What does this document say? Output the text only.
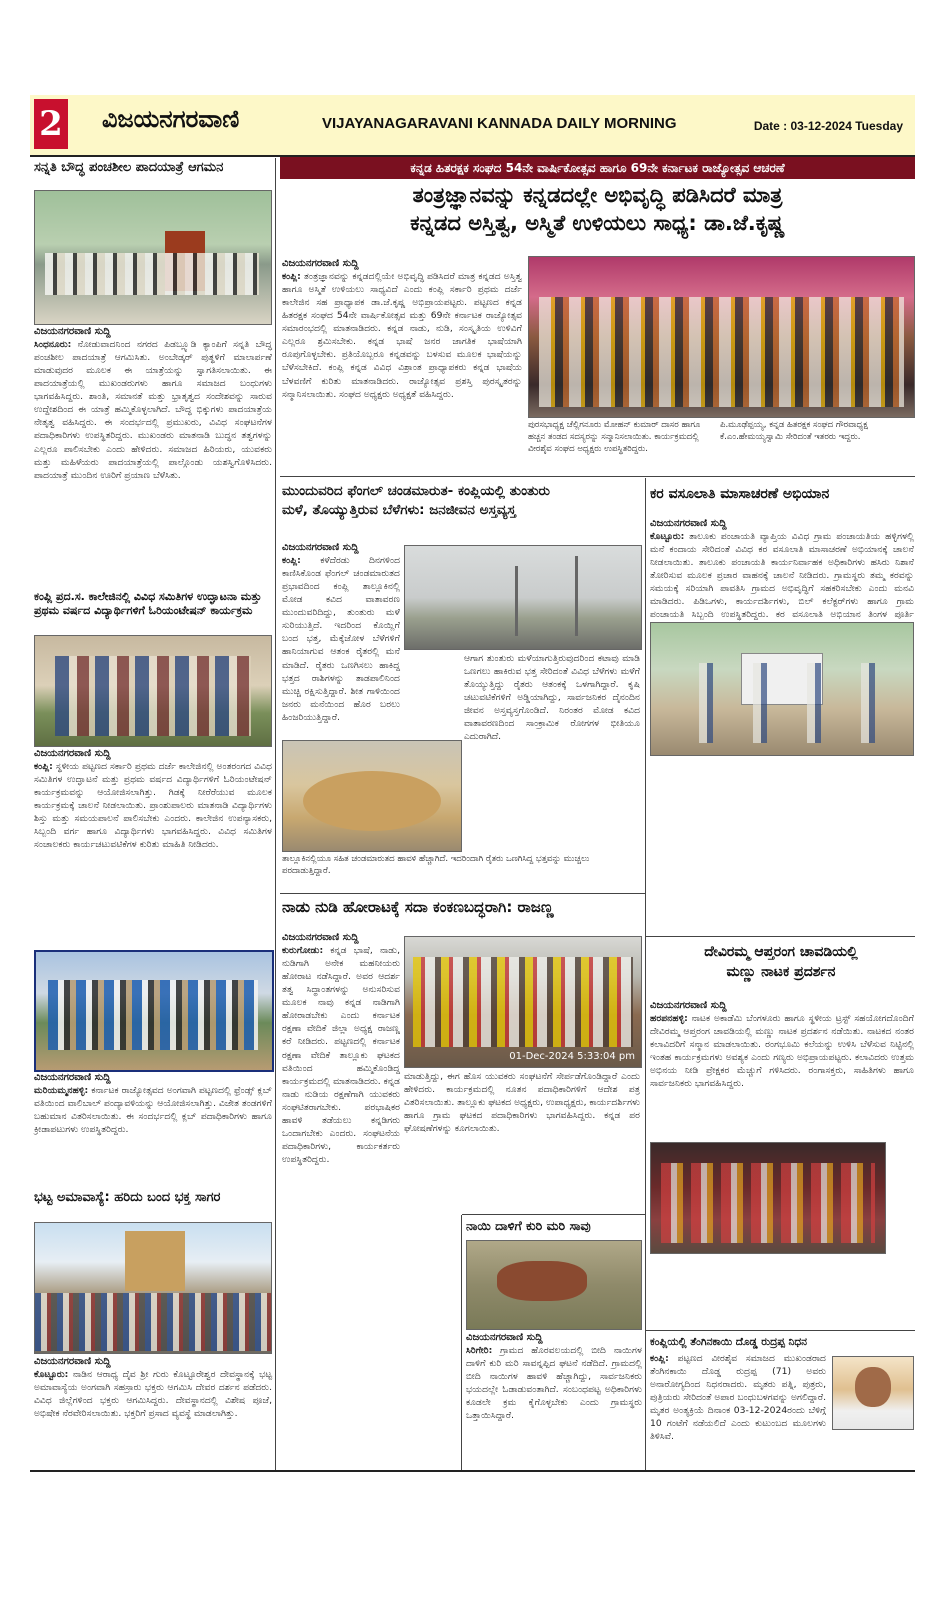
2 ವಿಜಯನಗರವಾಣಿ	VIJAYANAGARAVANI KANNADA DAILY MORNING	Date : 03-12-2024 Tuesday
ಸನ್ನತಿ ಬೌದ್ಧ ಪಂಚಶೀಲ ಪಾದಯಾತ್ರೆ ಆಗಮನ
ವಿಜಯನಗರವಾಣಿ ಸುದ್ದಿ
ಸಿಂಧನೂರು: ನೋಡುವಾದನಿಂದ ನಗರದ ಪಿಡಬ್ಲ್ಯೂಡಿ ಕ್ಯಾಂಪಿಗೆ ಸನ್ನತಿ ಬೌದ್ಧ ಪಂಚಶೀಲ ಪಾದಯಾತ್ರೆ ಆಗಮಿಸಿತು. ಅಂಬೇಡ್ಕರ್ ಪುತ್ಥಳಿಗೆ ಮಾಲಾರ್ಪಣೆ ಮಾಡುವುದರ ಮೂಲಕ ಈ ಯಾತ್ರೆಯನ್ನು ಸ್ವಾಗತಿಸಲಾಯಿತು. ಈ ಪಾದಯಾತ್ರೆಯಲ್ಲಿ ಮುಖಂಡರುಗಳು ಹಾಗೂ ಸಮಾಜದ ಬಂಧುಗಳು ಭಾಗವಹಿಸಿದ್ದರು. ಶಾಂತಿ, ಸಮಾನತೆ ಮತ್ತು ಭ್ರಾತೃತ್ವದ ಸಂದೇಶವನ್ನು ಸಾರುವ ಉದ್ದೇಶದಿಂದ ಈ ಯಾತ್ರೆ ಹಮ್ಮಿಕೊಳ್ಳಲಾಗಿದೆ. ಬೌದ್ಧ ಭಿಕ್ಕುಗಳು ಪಾದಯಾತ್ರೆಯ ನೇತೃತ್ವ ವಹಿಸಿದ್ದರು. ಈ ಸಂದರ್ಭದಲ್ಲಿ ಪ್ರಮುಖರು, ವಿವಿಧ ಸಂಘಟನೆಗಳ ಪದಾಧಿಕಾರಿಗಳು ಉಪಸ್ಥಿತರಿದ್ದರು. ಮುಖಂಡರು ಮಾತನಾಡಿ ಬುದ್ಧನ ತತ್ವಗಳನ್ನು ಎಲ್ಲರೂ ಪಾಲಿಸಬೇಕು ಎಂದು ಹೇಳಿದರು. ಸಮಾಜದ ಹಿರಿಯರು, ಯುವಕರು ಮತ್ತು ಮಹಿಳೆಯರು ಪಾದಯಾತ್ರೆಯಲ್ಲಿ ಪಾಲ್ಗೊಂಡು ಯಶಸ್ವಿಗೊಳಿಸಿದರು. ಪಾದಯಾತ್ರೆ ಮುಂದಿನ ಊರಿಗೆ ಪ್ರಯಾಣ ಬೆಳೆಸಿತು.
ಕಂಪ್ಲಿ ಪ್ರದ.ಸ. ಕಾಲೇಜಿನಲ್ಲಿ ವಿವಿಧ ಸಮಿತಿಗಳ ಉದ್ಘಾಟನಾ ಮತ್ತು ಪ್ರಥಮ ವರ್ಷದ ವಿದ್ಯಾರ್ಥಿಗಳಿಗೆ ಓರಿಯಂಟೇಷನ್ ಕಾರ್ಯಕ್ರಮ
ವಿಜಯನಗರವಾಣಿ ಸುದ್ದಿ
ಕಂಪ್ಲಿ: ಸ್ಥಳೀಯ ಪಟ್ಟಣದ ಸರ್ಕಾರಿ ಪ್ರಥಮ ದರ್ಜೆ ಕಾಲೇಜಿನಲ್ಲಿ ಅಂತರಂಗದ ವಿವಿಧ ಸಮಿತಿಗಳ ಉದ್ಘಾಟನೆ ಮತ್ತು ಪ್ರಥಮ ವರ್ಷದ ವಿದ್ಯಾರ್ಥಿಗಳಿಗೆ ಓರಿಯಂಟೇಷನ್ ಕಾರ್ಯಕ್ರಮವನ್ನು ಆಯೋಜಿಸಲಾಗಿತ್ತು. ಗಿಡಕ್ಕೆ ನೀರೆರೆಯುವ ಮೂಲಕ ಕಾರ್ಯಕ್ರಮಕ್ಕೆ ಚಾಲನೆ ನೀಡಲಾಯಿತು. ಪ್ರಾಂಶುಪಾಲರು ಮಾತನಾಡಿ ವಿದ್ಯಾರ್ಥಿಗಳು ಶಿಸ್ತು ಮತ್ತು ಸಮಯಪಾಲನೆ ಪಾಲಿಸಬೇಕು ಎಂದರು. ಕಾಲೇಜಿನ ಉಪನ್ಯಾಸಕರು, ಸಿಬ್ಬಂದಿ ವರ್ಗ ಹಾಗೂ ವಿದ್ಯಾರ್ಥಿಗಳು ಭಾಗವಹಿಸಿದ್ದರು. ವಿವಿಧ ಸಮಿತಿಗಳ ಸಂಚಾಲಕರು ಕಾರ್ಯಚಟುವಟಿಕೆಗಳ ಕುರಿತು ಮಾಹಿತಿ ನೀಡಿದರು.
ವಿಜಯನಗರವಾಣಿ ಸುದ್ದಿ
ಮರಿಯಮ್ಮನಹಳ್ಳಿ: ಕರ್ನಾಟಕ ರಾಜ್ಯೋತ್ಸವದ ಅಂಗವಾಗಿ ಪಟ್ಟಣದಲ್ಲಿ ಫ್ರೆಂಡ್ಸ್ ಕ್ಲಬ್ ವತಿಯಿಂದ ವಾಲಿಬಾಲ್ ಪಂದ್ಯಾವಳಿಯನ್ನು ಆಯೋಜಿಸಲಾಗಿತ್ತು. ವಿಜೇತ ತಂಡಗಳಿಗೆ ಬಹುಮಾನ ವಿತರಿಸಲಾಯಿತು. ಈ ಸಂದರ್ಭದಲ್ಲಿ ಕ್ಲಬ್ ಪದಾಧಿಕಾರಿಗಳು ಹಾಗೂ ಕ್ರೀಡಾಪಟುಗಳು ಉಪಸ್ಥಿತರಿದ್ದರು.
ಭಟ್ಟ ಅಮಾವಾಸ್ಯೆ: ಹರಿದು ಬಂದ ಭಕ್ತ ಸಾಗರ
ವಿಜಯನಗರವಾಣಿ ಸುದ್ದಿ
ಕೊಟ್ಟೂರು: ನಾಡಿನ ಆರಾಧ್ಯ ದೈವ ಶ್ರೀ ಗುರು ಕೊಟ್ಟೂರೇಶ್ವರ ದೇವಸ್ಥಾನಕ್ಕೆ ಭಟ್ಟ ಅಮಾವಾಸ್ಯೆಯ ಅಂಗವಾಗಿ ಸಹಸ್ರಾರು ಭಕ್ತರು ಆಗಮಿಸಿ ದೇವರ ದರ್ಶನ ಪಡೆದರು. ವಿವಿಧ ಜಿಲ್ಲೆಗಳಿಂದ ಭಕ್ತರು ಆಗಮಿಸಿದ್ದರು. ದೇವಸ್ಥಾನದಲ್ಲಿ ವಿಶೇಷ ಪೂಜೆ, ಅಭಿಷೇಕ ನೆರವೇರಿಸಲಾಯಿತು. ಭಕ್ತರಿಗೆ ಪ್ರಸಾದ ವ್ಯವಸ್ಥೆ ಮಾಡಲಾಗಿತ್ತು.
ಕನ್ನಡ ಹಿತರಕ್ಷಕ ಸಂಘದ 54ನೇ ವಾರ್ಷಿಕೋತ್ಸವ ಹಾಗೂ 69ನೇ ಕರ್ನಾಟಕ ರಾಜ್ಯೋತ್ಸವ ಆಚರಣೆ
ತಂತ್ರಜ್ಞಾನವನ್ನು ಕನ್ನಡದಲ್ಲೇ ಅಭಿವೃದ್ಧಿ ಪಡಿಸಿದರೆ ಮಾತ್ರ
ಕನ್ನಡದ ಅಸ್ತಿತ್ವ, ಅಸ್ಮಿತೆ ಉಳಿಯಲು ಸಾಧ್ಯ: ಡಾ.ಜೆ.ಕೃಷ್ಣ
ವಿಜಯನಗರವಾಣಿ ಸುದ್ದಿ
ಕಂಪ್ಲಿ: ತಂತ್ರಜ್ಞಾನವನ್ನು ಕನ್ನಡದಲ್ಲಿಯೇ ಅಭಿವೃದ್ಧಿ ಪಡಿಸಿದರೆ ಮಾತ್ರ ಕನ್ನಡದ ಅಸ್ತಿತ್ವ ಹಾಗೂ ಅಸ್ಮಿತೆ ಉಳಿಯಲು ಸಾಧ್ಯವಿದೆ ಎಂದು ಕಂಪ್ಲಿ ಸರ್ಕಾರಿ ಪ್ರಥಮ ದರ್ಜೆ ಕಾಲೇಜಿನ ಸಹ ಪ್ರಾಧ್ಯಾಪಕ ಡಾ.ಜೆ.ಕೃಷ್ಣ ಅಭಿಪ್ರಾಯಪಟ್ಟರು. ಪಟ್ಟಣದ ಕನ್ನಡ ಹಿತರಕ್ಷಕ ಸಂಘದ 54ನೇ ವಾರ್ಷಿಕೋತ್ಸವ ಮತ್ತು 69ನೇ ಕರ್ನಾಟಕ ರಾಜ್ಯೋತ್ಸವ ಸಮಾರಂಭದಲ್ಲಿ ಮಾತನಾಡಿದರು. ಕನ್ನಡ ನಾಡು, ನುಡಿ, ಸಂಸ್ಕೃತಿಯ ಉಳಿವಿಗೆ ಎಲ್ಲರೂ ಶ್ರಮಿಸಬೇಕು. ಕನ್ನಡ ಭಾಷೆ ಜನರ ಜಾಗತಿಕ ಭಾಷೆಯಾಗಿ ರೂಪುಗೊಳ್ಳಬೇಕು. ಪ್ರತಿಯೊಬ್ಬರೂ ಕನ್ನಡವನ್ನು ಬಳಸುವ ಮೂಲಕ ಭಾಷೆಯನ್ನು ಬೆಳೆಸಬೇಕಿದೆ. ಕಂಪ್ಲಿ ಕನ್ನಡ ವಿವಿಧ ವಿಶ್ರಾಂತ ಪ್ರಾಧ್ಯಾಪಕರು ಕನ್ನಡ ಭಾಷೆಯ ಬೆಳವಣಿಗೆ ಕುರಿತು ಮಾತನಾಡಿದರು. ರಾಜ್ಯೋತ್ಸವ ಪ್ರಶಸ್ತಿ ಪುರಸ್ಕೃತರನ್ನು ಸನ್ಮಾನಿಸಲಾಯಿತು. ಸಂಘದ ಅಧ್ಯಕ್ಷರು ಅಧ್ಯಕ್ಷತೆ ವಹಿಸಿದ್ದರು.
ಪುರಸಭಾಧ್ಯಕ್ಷ ಚೆಲ್ಲಿಗನೂರು ಮೋಹನ್ ಕುಮಾರ್ ದಾಸರ ಹಾಗೂ ಹಚ್ಚನ ತಂಡದ ಸದಸ್ಯರನ್ನು ಸನ್ಮಾನಿಸಲಾಯಿತು. ಕಾರ್ಯಕ್ರಮದಲ್ಲಿ ವೀರಶೈವ ಸಂಘದ ಅಧ್ಯಕ್ಷರು ಉಪಸ್ಥಿತರಿದ್ದರು.
ಪಿ.ಮೂಢೆಪ್ಪಯ್ಯ, ಕನ್ನಡ ಹಿತರಕ್ಷಕ ಸಂಘದ ಗೌರವಾಧ್ಯಕ್ಷ ಕೆ.ಎಂ.ಹೇಮಯ್ಯಸ್ವಾಮಿ ಸೇರಿದಂತೆ ಇತರರು ಇದ್ದರು.
ಮುಂದುವರಿದ ಫೆಂಗಲ್ ಚಂಡಮಾರುತ- ಕಂಪ್ಲಿಯಲ್ಲಿ ತುಂತುರು
ಮಳೆ, ತೊಯ್ಯುತ್ತಿರುವ ಬೆಳೆಗಳು: ಜನಜೀವನ ಅಸ್ತವ್ಯಸ್ತ
ವಿಜಯನಗರವಾಣಿ ಸುದ್ದಿ
ಕಂಪ್ಲಿ: ಕಳೆದೆರಡು ದಿನಗಳಿಂದ ಕಾಣಿಸಿಕೊಂಡ ಫೆಂಗಲ್ ಚಂಡಮಾರುತದ ಪ್ರಭಾವದಿಂದ ಕಂಪ್ಲಿ ತಾಲ್ಲೂಕಿನಲ್ಲಿ ಮೋಡ ಕವಿದ ವಾತಾವರಣ ಮುಂದುವರಿದಿದ್ದು, ತುಂತುರು ಮಳೆ ಸುರಿಯುತ್ತಿದೆ. ಇದರಿಂದ ಕೊಯ್ಲಿಗೆ ಬಂದ ಭತ್ತ, ಮೆಕ್ಕೆಜೋಳ ಬೆಳೆಗಳಿಗೆ ಹಾನಿಯಾಗುವ ಆತಂಕ ರೈತರಲ್ಲಿ ಮನೆ ಮಾಡಿದೆ. ರೈತರು ಒಣಗಿಸಲು ಹಾಕಿದ್ದ ಭತ್ತದ ರಾಶಿಗಳನ್ನು ತಾಡಪಾಲಿನಿಂದ ಮುಚ್ಚಿ ರಕ್ಷಿಸುತ್ತಿದ್ದಾರೆ. ಶೀತ ಗಾಳಿಯಿಂದ ಜನರು ಮನೆಯಿಂದ ಹೊರ ಬರಲು ಹಿಂಜರಿಯುತ್ತಿದ್ದಾರೆ.
ಆಗಾಗ ತುಂತುರು ಮಳೆಯಾಗುತ್ತಿರುವುದರಿಂದ ಕಟಾವು ಮಾಡಿ ಒಣಗಲು ಹಾಕಿರುವ ಭತ್ತ ಸೇರಿದಂತೆ ವಿವಿಧ ಬೆಳೆಗಳು ಮಳೆಗೆ ತೊಯ್ಯುತ್ತಿದ್ದು ರೈತರು ಆತಂಕಕ್ಕೆ ಒಳಗಾಗಿದ್ದಾರೆ. ಕೃಷಿ ಚಟುವಟಿಕೆಗಳಿಗೆ ಅಡ್ಡಿಯಾಗಿದ್ದು, ಸಾರ್ವಜನಿಕರ ದೈನಂದಿನ ಜೀವನ ಅಸ್ತವ್ಯಸ್ತಗೊಂಡಿದೆ. ನಿರಂತರ ಮೋಡ ಕವಿದ ವಾತಾವರಣದಿಂದ ಸಾಂಕ್ರಾಮಿಕ ರೋಗಗಳ ಭೀತಿಯೂ ಎದುರಾಗಿದೆ.
ತಾಲ್ಲೂಕಿನಲ್ಲಿಯೂ ಸಹಿತ ಚಂಡಮಾರುತದ ಹಾವಳಿ ಹೆಚ್ಚಾಗಿದೆ. ಇದರಿಂದಾಗಿ ರೈತರು ಒಣಗಿಸಿದ್ದ ಭತ್ತವನ್ನು ಮುಚ್ಚಲು ಪರದಾಡುತ್ತಿದ್ದಾರೆ.
ಕರ ವಸೂಲಾತಿ ಮಾಸಾಚರಣೆ ಅಭಿಯಾನ
ವಿಜಯನಗರವಾಣಿ ಸುದ್ದಿ
ಕೊಟ್ಟೂರು: ತಾಲೂಕು ಪಂಚಾಯತಿ ವ್ಯಾಪ್ತಿಯ ವಿವಿಧ ಗ್ರಾಮ ಪಂಚಾಯತಿಯ ಹಳ್ಳಿಗಳಲ್ಲಿ ಮನೆ ಕಂದಾಯ ಸೇರಿದಂತೆ ವಿವಿಧ ಕರ ವಸೂಲಾತಿ ಮಾಸಾಚರಣೆ ಅಭಿಯಾನಕ್ಕೆ ಚಾಲನೆ ನೀಡಲಾಯಿತು. ತಾಲೂಕು ಪಂಚಾಯತಿ ಕಾರ್ಯನಿರ್ವಾಹಕ ಅಧಿಕಾರಿಗಳು ಹಸಿರು ನಿಶಾನೆ ತೋರಿಸುವ ಮೂಲಕ ಪ್ರಚಾರ ವಾಹನಕ್ಕೆ ಚಾಲನೆ ನೀಡಿದರು. ಗ್ರಾಮಸ್ಥರು ತಮ್ಮ ಕರವನ್ನು ಸಮಯಕ್ಕೆ ಸರಿಯಾಗಿ ಪಾವತಿಸಿ ಗ್ರಾಮದ ಅಭಿವೃದ್ಧಿಗೆ ಸಹಕರಿಸಬೇಕು ಎಂದು ಮನವಿ ಮಾಡಿದರು. ಪಿಡಿಒಗಳು, ಕಾರ್ಯದರ್ಶಿಗಳು, ಬಿಲ್ ಕಲೆಕ್ಟರ್‌ಗಳು ಹಾಗೂ ಗ್ರಾಮ ಪಂಚಾಯತಿ ಸಿಬ್ಬಂದಿ ಉಪಸ್ಥಿತರಿದ್ದರು. ಕರ ವಸೂಲಾತಿ ಅಭಿಯಾನ ತಿಂಗಳ ಪೂರ್ತಿ
ನಾಡು ನುಡಿ ಹೋರಾಟಕ್ಕೆ ಸದಾ ಕಂಕಣಬದ್ಧರಾಗಿ: ರಾಜಣ್ಣ
ವಿಜಯನಗರವಾಣಿ ಸುದ್ದಿ
ಕುರುಗೋಡು: ಕನ್ನಡ ಭಾಷೆ, ನಾಡು, ನುಡಿಗಾಗಿ ಅನೇಕ ಮಹನೀಯರು ಹೋರಾಟ ನಡೆಸಿದ್ದಾರೆ. ಅವರ ಆದರ್ಶ ತತ್ವ ಸಿದ್ಧಾಂತಗಳನ್ನು ಅನುಸರಿಸುವ ಮೂಲಕ ನಾವು ಕನ್ನಡ ನಾಡಿಗಾಗಿ ಹೋರಾಡಬೇಕು ಎಂದು ಕರ್ನಾಟಕ ರಕ್ಷಣಾ ವೇದಿಕೆ ಜಿಲ್ಲಾ ಅಧ್ಯಕ್ಷ ರಾಜಣ್ಣ ಕರೆ ನೀಡಿದರು. ಪಟ್ಟಣದಲ್ಲಿ ಕರ್ನಾಟಕ ರಕ್ಷಣಾ ವೇದಿಕೆ ತಾಲ್ಲೂಕು ಘಟಕದ ವತಿಯಿಂದ ಹಮ್ಮಿಕೊಂಡಿದ್ದ ಕಾರ್ಯಕ್ರಮದಲ್ಲಿ ಮಾತನಾಡಿದರು. ಕನ್ನಡ ನಾಡು ನುಡಿಯ ರಕ್ಷಣೆಗಾಗಿ ಯುವಕರು ಸಂಘಟಿತರಾಗಬೇಕು. ಪರಭಾಷಿಕರ ಹಾವಳಿ ತಡೆಯಲು ಕನ್ನಡಿಗರು ಒಂದಾಗಬೇಕು ಎಂದರು. ಸಂಘಟನೆಯ ಪದಾಧಿಕಾರಿಗಳು, ಕಾರ್ಯಕರ್ತರು ಉಪಸ್ಥಿತರಿದ್ದರು.
01-Dec-2024 5:33:04 pm
ಮಾಡುತ್ತಿದ್ದು, ಈಗ ಹೊಸ ಯುವಕರು ಸಂಘಟನೆಗೆ ಸೇರ್ಪಡೆಗೊಂಡಿದ್ದಾರೆ ಎಂದು ಹೇಳಿದರು. ಕಾರ್ಯಕ್ರಮದಲ್ಲಿ ನೂತನ ಪದಾಧಿಕಾರಿಗಳಿಗೆ ಆದೇಶ ಪತ್ರ ವಿತರಿಸಲಾಯಿತು. ತಾಲ್ಲೂಕು ಘಟಕದ ಅಧ್ಯಕ್ಷರು, ಉಪಾಧ್ಯಕ್ಷರು, ಕಾರ್ಯದರ್ಶಿಗಳು ಹಾಗೂ ಗ್ರಾಮ ಘಟಕದ ಪದಾಧಿಕಾರಿಗಳು ಭಾಗವಹಿಸಿದ್ದರು. ಕನ್ನಡ ಪರ ಘೋಷಣೆಗಳನ್ನು ಕೂಗಲಾಯಿತು.
ನಾಯಿ ದಾಳಿಗೆ ಕುರಿ ಮರಿ ಸಾವು
ವಿಜಯನಗರವಾಣಿ ಸುದ್ದಿ
ಸಿರಿಗೇರಿ: ಗ್ರಾಮದ ಹೊರವಲಯದಲ್ಲಿ ಬೀದಿ ನಾಯಿಗಳ ದಾಳಿಗೆ ಕುರಿ ಮರಿ ಸಾವನ್ನಪ್ಪಿದ ಘಟನೆ ನಡೆದಿದೆ. ಗ್ರಾಮದಲ್ಲಿ ಬೀದಿ ನಾಯಿಗಳ ಹಾವಳಿ ಹೆಚ್ಚಾಗಿದ್ದು, ಸಾರ್ವಜನಿಕರು ಭಯದಲ್ಲೇ ಓಡಾಡುವಂತಾಗಿದೆ. ಸಂಬಂಧಪಟ್ಟ ಅಧಿಕಾರಿಗಳು ಕೂಡಲೇ ಕ್ರಮ ಕೈಗೊಳ್ಳಬೇಕು ಎಂದು ಗ್ರಾಮಸ್ಥರು ಒತ್ತಾಯಿಸಿದ್ದಾರೆ.
ದೇವಿರಮ್ಮ ಆಪ್ತರಂಗ ಚಾವಡಿಯಲ್ಲಿ
ಮಣ್ಣು ನಾಟಕ ಪ್ರದರ್ಶನ
ವಿಜಯನಗರವಾಣಿ ಸುದ್ದಿ
ಹರಪನಹಳ್ಳಿ: ನಾಟಕ ಅಕಾಡೆಮಿ ಬೆಂಗಳೂರು ಹಾಗೂ ಸ್ಥಳೀಯ ಟ್ರಸ್ಟ್ ಸಹಯೋಗದೊಂದಿಗೆ ದೇವಿರಮ್ಮ ಆಪ್ತರಂಗ ಚಾವಡಿಯಲ್ಲಿ ಮಣ್ಣು ನಾಟಕ ಪ್ರದರ್ಶನ ನಡೆಯಿತು. ನಾಟಕದ ನಂತರ ಕಲಾವಿದರಿಗೆ ಸನ್ಮಾನ ಮಾಡಲಾಯಿತು. ರಂಗಭೂಮಿ ಕಲೆಯನ್ನು ಉಳಿಸಿ ಬೆಳೆಸುವ ನಿಟ್ಟಿನಲ್ಲಿ ಇಂತಹ ಕಾರ್ಯಕ್ರಮಗಳು ಅವಶ್ಯಕ ಎಂದು ಗಣ್ಯರು ಅಭಿಪ್ರಾಯಪಟ್ಟರು. ಕಲಾವಿದರು ಉತ್ತಮ ಅಭಿನಯ ನೀಡಿ ಪ್ರೇಕ್ಷಕರ ಮೆಚ್ಚುಗೆ ಗಳಿಸಿದರು. ರಂಗಾಸಕ್ತರು, ಸಾಹಿತಿಗಳು ಹಾಗೂ ಸಾರ್ವಜನಿಕರು ಭಾಗವಹಿಸಿದ್ದರು.
ಕಂಪ್ಲಿಯಲ್ಲಿ ತೆಂಗಿನಕಾಯಿ ದೊಡ್ಡ ರುದ್ರಪ್ಪ ನಿಧನ
ಕಂಪ್ಲಿ: ಪಟ್ಟಣದ ವೀರಶೈವ ಸಮಾಜದ ಮುಖಂಡರಾದ ತೆಂಗಿನಕಾಯಿ ದೊಡ್ಡ ರುದ್ರಪ್ಪ (71) ಅವರು ಅನಾರೋಗ್ಯದಿಂದ ನಿಧನರಾದರು. ಮೃತರು ಪತ್ನಿ, ಪುತ್ರರು, ಪುತ್ರಿಯರು ಸೇರಿದಂತೆ ಅಪಾರ ಬಂಧುಬಳಗವನ್ನು ಅಗಲಿದ್ದಾರೆ. ಮೃತರ ಅಂತ್ಯಕ್ರಿಯೆ ದಿನಾಂಕ 03-12-2024ರಂದು ಬೆಳಿಗ್ಗೆ 10 ಗಂಟೆಗೆ ನಡೆಯಲಿದೆ ಎಂದು ಕುಟುಂಬದ ಮೂಲಗಳು ತಿಳಿಸಿವೆ.
